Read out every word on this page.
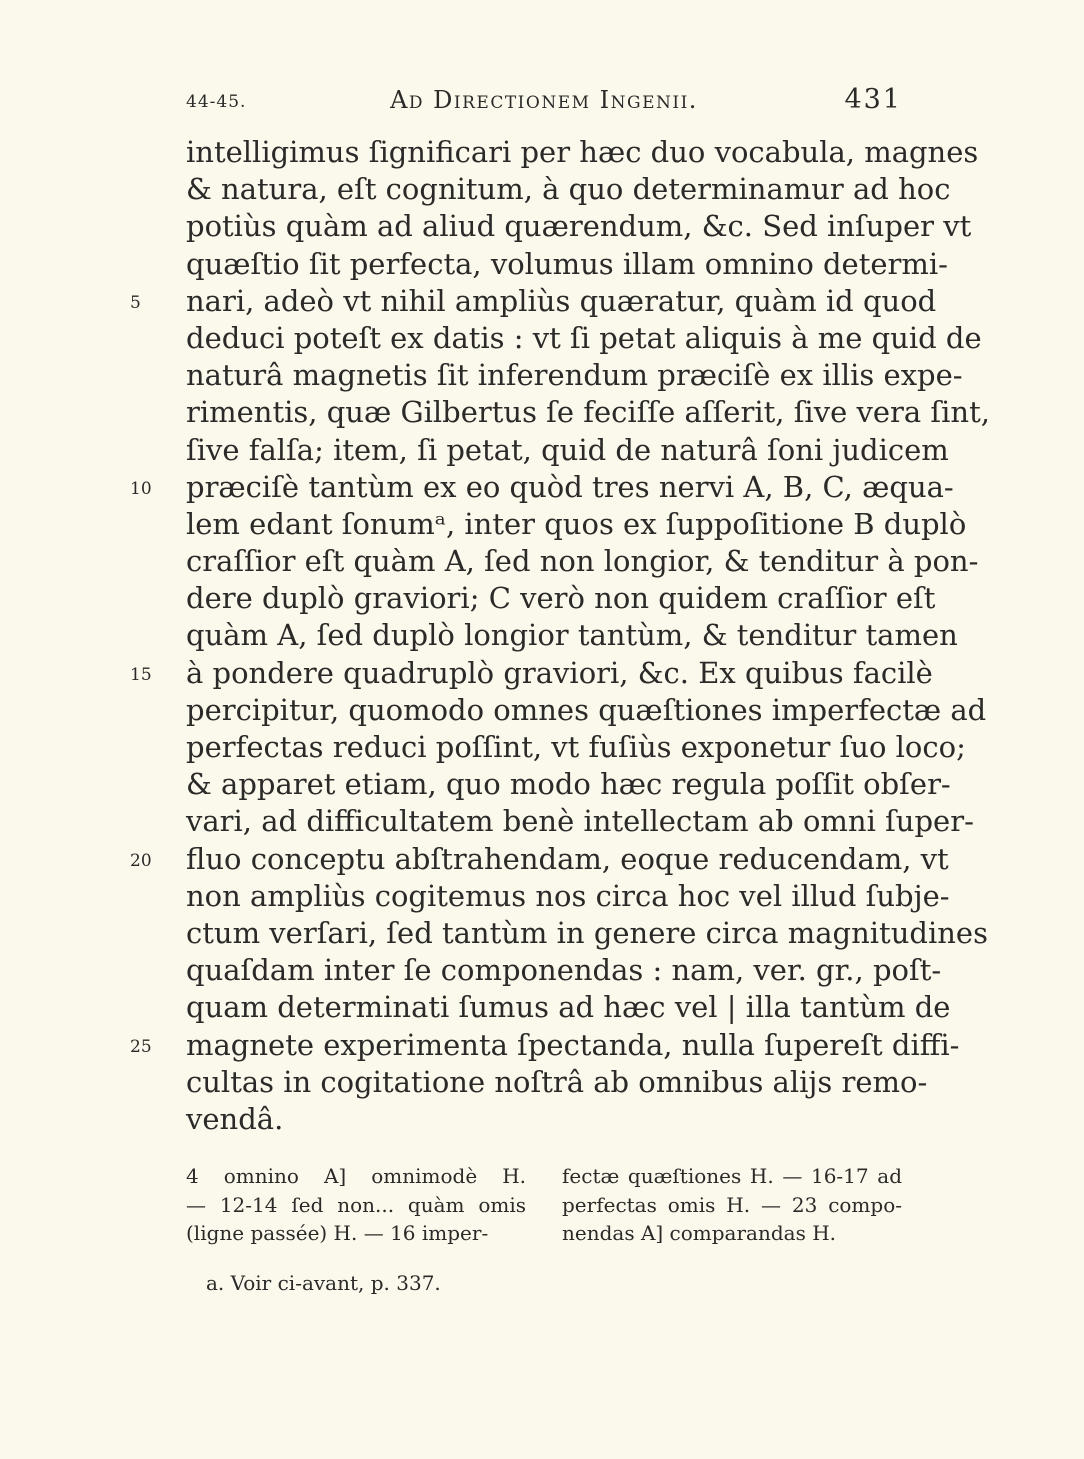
44-45.	Ad Directionem Ingenii.	431
intelligimus ſignificari per hæc duo vocabula, magnes
& natura, eſt cognitum, à quo determinamur ad hoc
potiùs quàm ad aliud quærendum, &c. Sed inſuper vt
quæſtio ſit perfecta, volumus illam omnino determi-
5	nari, adeò vt nihil ampliùs quæratur, quàm id quod
deduci poteſt ex datis : vt ſi petat aliquis à me quid de
naturâ magnetis ſit inferendum præciſè ex illis expe-
rimentis, quæ Gilbertus ſe feciſſe aſſerit, ſive vera ſint,
ſive falſa; item, ſi petat, quid de naturâ ſoni judicem
10 præciſè tantùm ex eo quòd tres nervi A, B, C, æqua-
lem edant ſonumᵃ, inter quos ex ſuppoſitione B duplò
craſſior eſt quàm A, ſed non longior, & tenditur à pon-
dere duplò graviori; C verò non quidem craſſior eſt
quàm A, ſed duplò longior tantùm, & tenditur tamen
15 à pondere quadruplò graviori, &c. Ex quibus facilè
percipitur, quomodo omnes quæſtiones imperfectæ ad
perfectas reduci poſſint, vt fuſiùs exponetur ſuo loco;
& apparet etiam, quo modo hæc regula poſſit obſer-
vari, ad difficultatem benè intellectam ab omni ſuper-
20 fluo conceptu abſtrahendam, eoque reducendam, vt
non ampliùs cogitemus nos circa hoc vel illud ſubje-
ctum verſari, ſed tantùm in genere circa magnitudines
quaſdam inter ſe componendas : nam, ver. gr., poſt-
quam determinati ſumus ad hæc vel | illa tantùm de
25 magnete experimenta ſpectanda, nulla ſupereſt diffi-
cultas in cogitatione noſtrâ ab omnibus alijs remo-
vendâ.
4 omnino A] omnimodè H.
— 12-14 ſed non... quàm omis
(ligne passée) H. — 16 imper-
fectæ quæſtiones H. — 16-17 ad
perfectas omis H. — 23 compo-
nendas A] comparandas H.
a. Voir ci-avant, p. 337.
